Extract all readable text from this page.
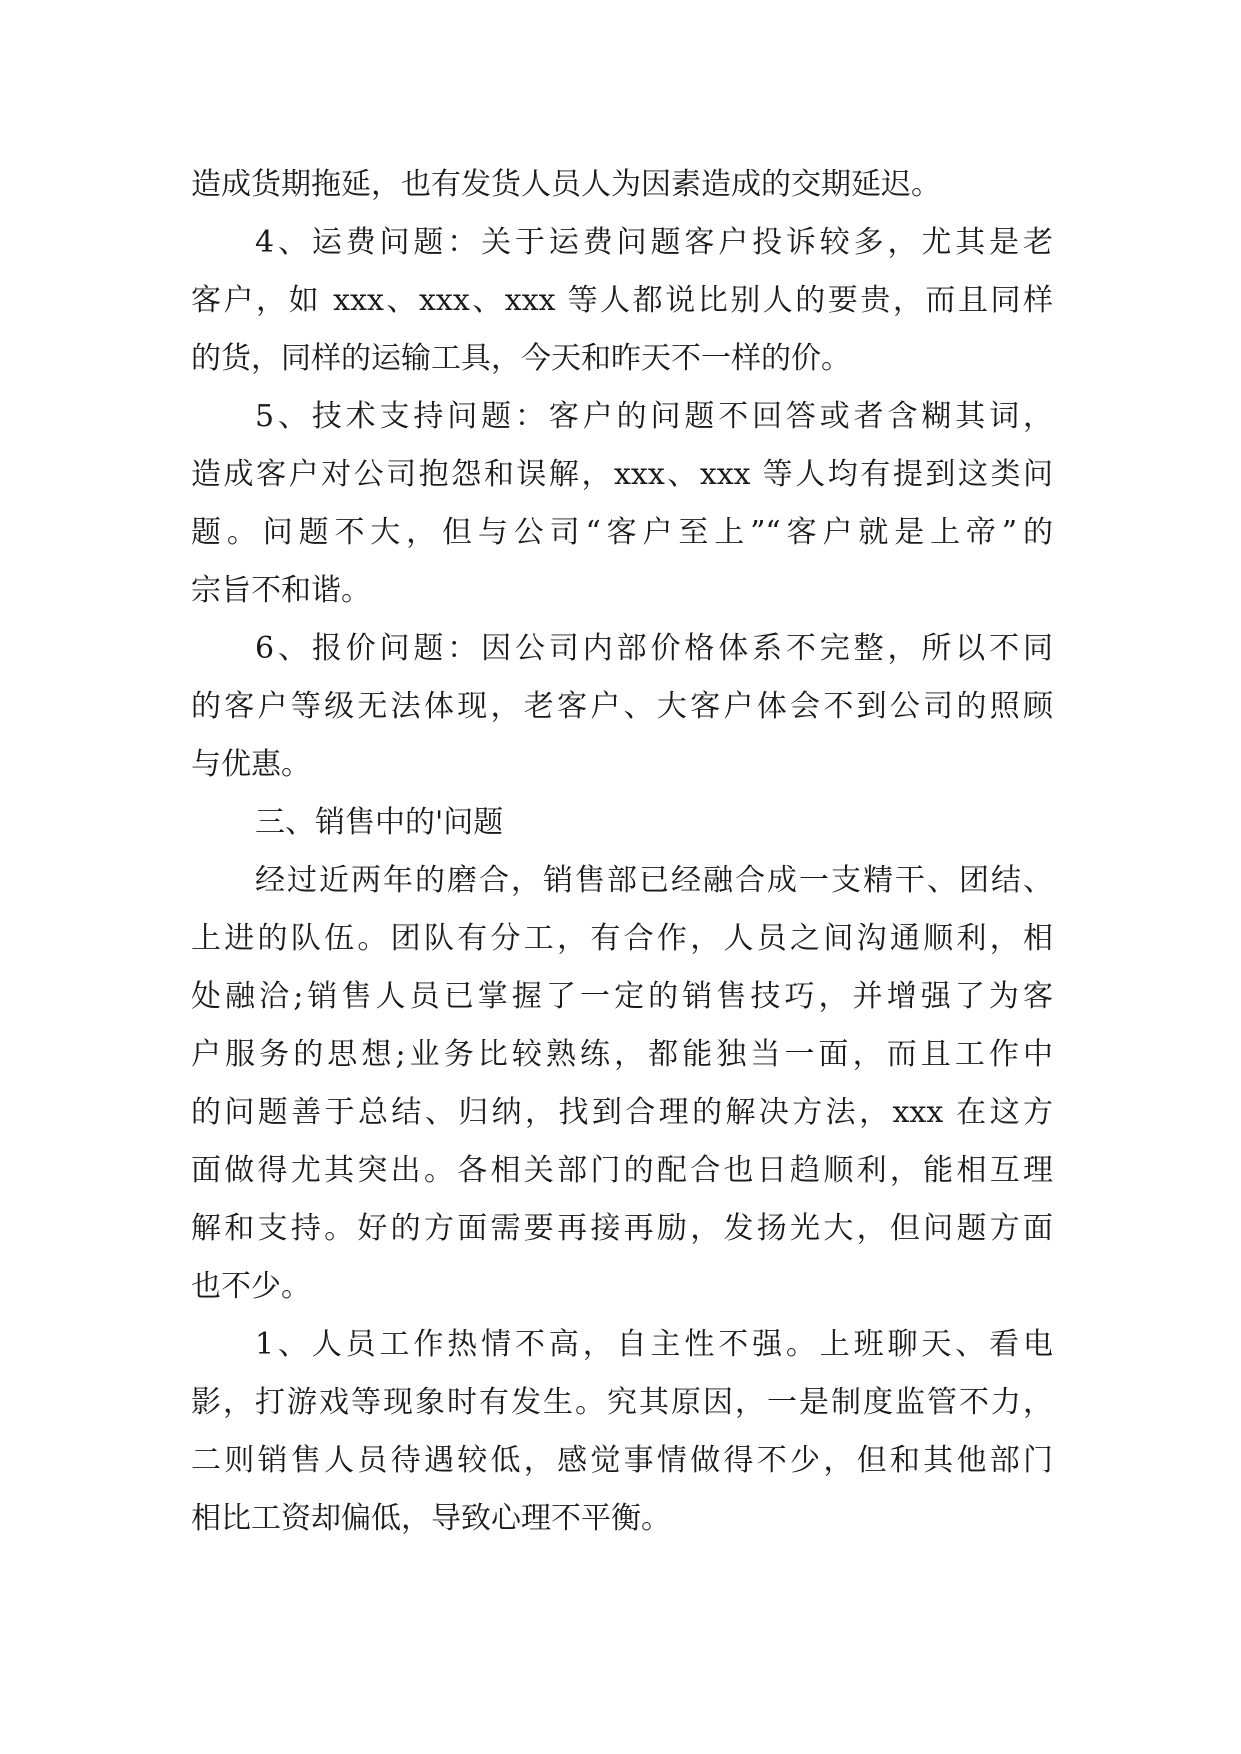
造成货期拖延，也有发货人员人为因素造成的交期延迟。
4、运费问题：关于运费问题客户投诉较多，尤其是老
客户，如 xxx、xxx、xxx 等人都说比别人的要贵，而且同样
的货，同样的运输工具，今天和昨天不一样的价。
5、技术支持问题：客户的问题不回答或者含糊其词，
造成客户对公司抱怨和误解，xxx、xxx 等人均有提到这类问
题。问题不大，但与公司“客户至上”“客户就是上帝”的
宗旨不和谐。
6、报价问题：因公司内部价格体系不完整，所以不同
的客户等级无法体现，老客户、大客户体会不到公司的照顾
与优惠。
三、销售中的'问题
经过近两年的磨合，销售部已经融合成一支精干、团结、
上进的队伍。团队有分工，有合作，人员之间沟通顺利，相
处融洽;销售人员已掌握了一定的销售技巧，并增强了为客
户服务的思想;业务比较熟练，都能独当一面，而且工作中
的问题善于总结、归纳，找到合理的解决方法，xxx 在这方
面做得尤其突出。各相关部门的配合也日趋顺利，能相互理
解和支持。好的方面需要再接再励，发扬光大，但问题方面
也不少。
1、人员工作热情不高，自主性不强。上班聊天、看电
影，打游戏等现象时有发生。究其原因，一是制度监管不力，
二则销售人员待遇较低，感觉事情做得不少，但和其他部门
相比工资却偏低，导致心理不平衡。
